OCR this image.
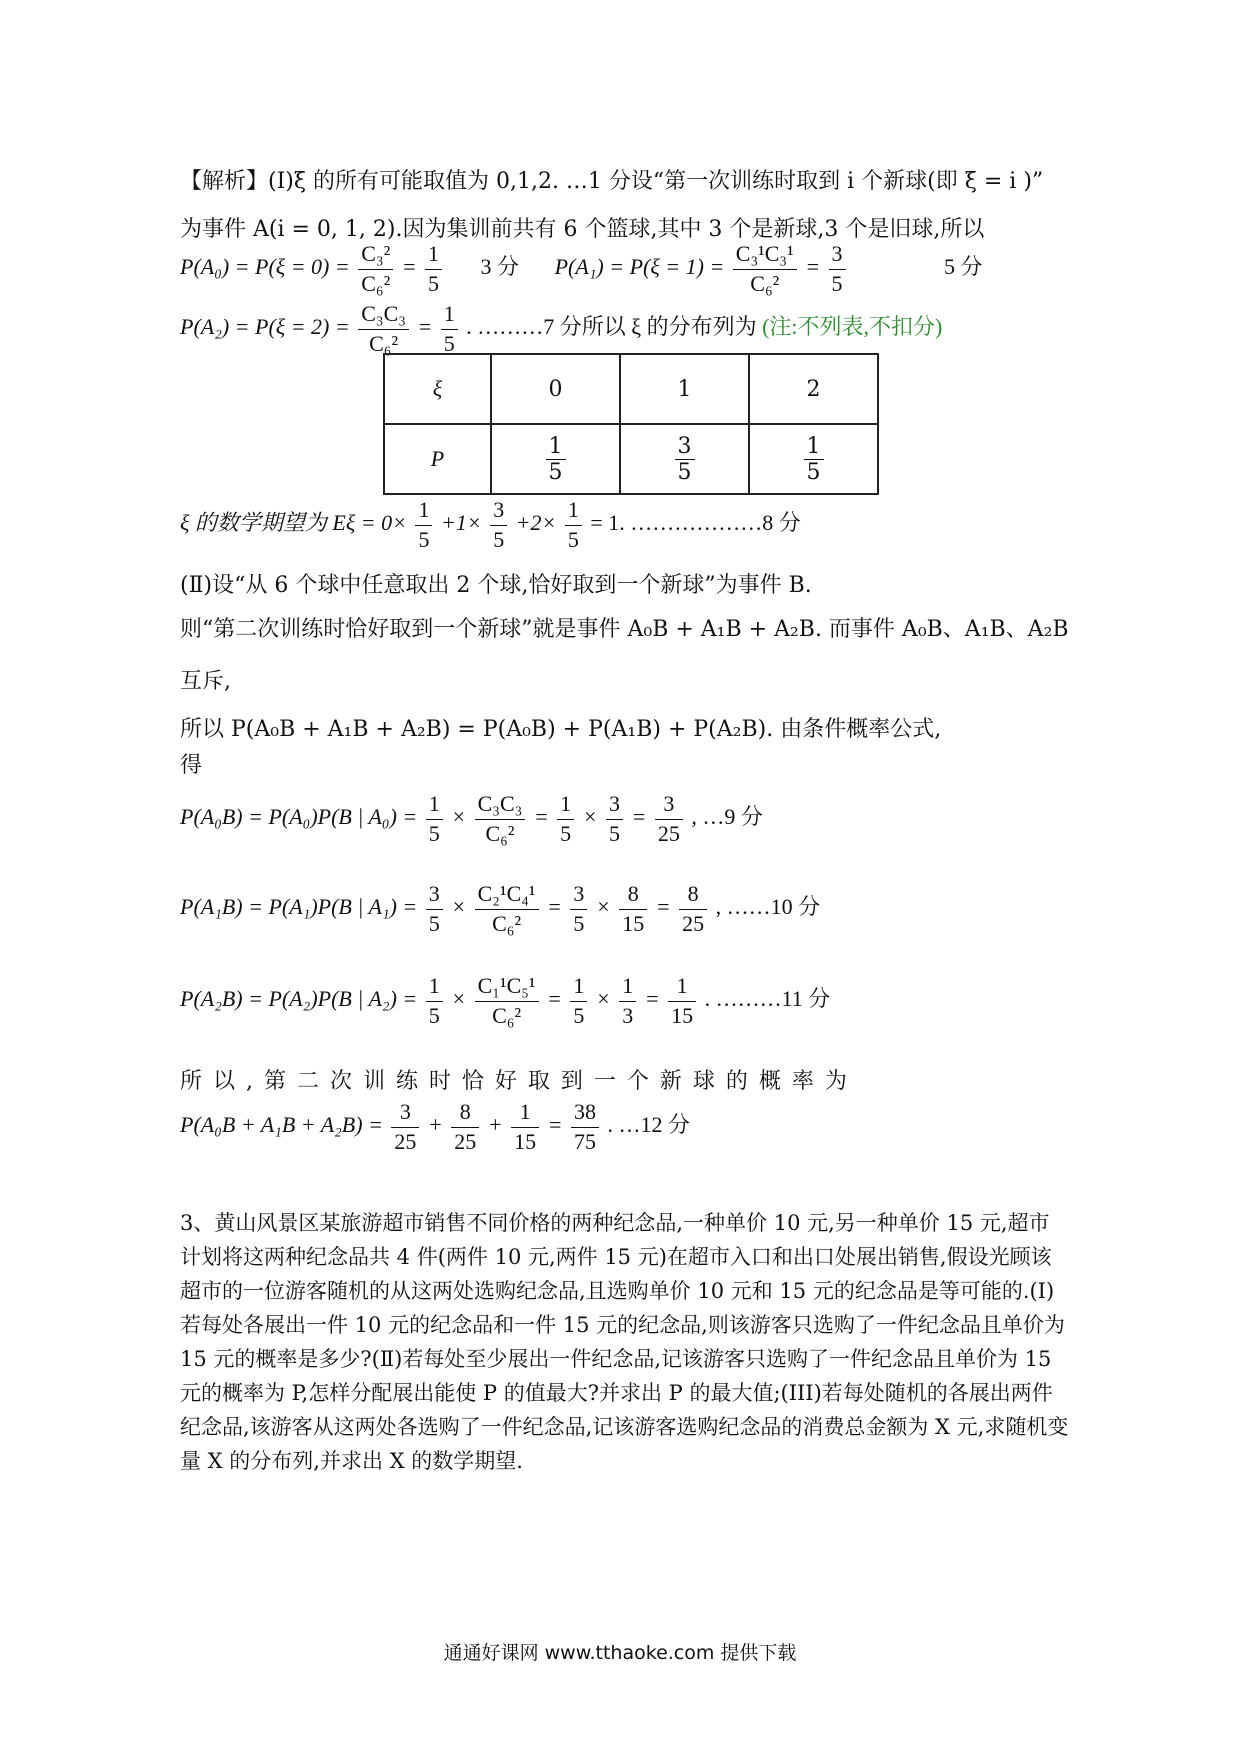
【解析】(Ⅰ)ξ 的所有可能取值为 0,1,2. …1 分设“第一次训练时取到 i 个新球(即 ξ = i )”
为事件 A(i = 0, 1, 2).因为集训前共有 6 个篮球,其中 3 个是新球,3 个是旧球,所以
$P(A_0) = P(\xi = 0) = \frac{\text{C₃²}}{\text{C₆²}} = \frac{1}{5} 3$ 分 $P(A_1) = P(\xi = 1) = \frac{\text{C₃¹C₃¹}}{\text{C₆²}} = \frac{3}{5}$	5 分
$P(A_2) = P(\xi = 2) = \frac{\text{C₃C₃}}{\text{C₆²}} = \frac{1}{5}$ . ………7 分所以 ξ 的分布列为 (注:不列表,不扣分)
ξ	0	1	2
P	$\frac{1}{5}$	$\frac{3}{5}$	$\frac{1}{5}$
ξ 的数学期望为 $E\xi = 0\times \frac{1}{5} +1\times \frac{3}{5} +2\times \frac{1}{5} = 1$. ………………8 分
(Ⅱ)设“从 6 个球中任意取出 2 个球,恰好取到一个新球”为事件 B.
则“第二次训练时恰好取到一个新球”就是事件 A₀B + A₁B + A₂B. 而事件 A₀B、A₁B、A₂B
互斥,
所以 P(A₀B + A₁B + A₂B) = P(A₀B) + P(A₁B) + P(A₂B). 由条件概率公式,
得
P(A₀B) = P(A₀)P(B | $A_0) = \frac{1}{5} \times \frac{\text{C₃C₃}}{\text{C₆²}} = \frac{1}{5} \times \frac{3}{5} = \frac{3}{25}$ , …9 分
P(A₁B) = P(A₁)P(B | $A_1) = \frac{3}{5} \times \frac{\text{C₂¹C₄¹}}{\text{C₆²}} = \frac{3}{5} \times \frac{8}{15} = \frac{8}{25}$ , ……10 分
P(A₂B) = P(A₂)P(B | $A_2) = \frac{1}{5} \times \frac{\text{C₁¹C₅¹}}{\text{C₆²}} = \frac{1}{5} \times \frac{1}{3} = \frac{1}{15}$ . ………11 分
所 以 , 第 二 次 训 练 时 恰 好 取 到 一 个 新 球 的 概 率 为
$P(A_0B + A_1B + A_2B) = \frac{3}{25} + \frac{8}{25} + \frac{1}{15} = \frac{38}{75}$ . …12 分
3、黄山风景区某旅游超市销售不同价格的两种纪念品,一种单价 10 元,另一种单价 15 元,超市计划将这两种纪念品共 4 件(两件 10 元,两件 15 元)在超市入口和出口处展出销售,假设光顾该超市的一位游客随机的从这两处选购纪念品,且选购单价 10 元和 15 元的纪念品是等可能的.(Ⅰ)若每处各展出一件 10 元的纪念品和一件 15 元的纪念品,则该游客只选购了一件纪念品且单价为 15 元的概率是多少?(Ⅱ)若每处至少展出一件纪念品,记该游客只选购了一件纪念品且单价为 15 元的概率为 P,怎样分配展出能使 P 的值最大?并求出 P 的最大值;(III)若每处随机的各展出两件纪念品,该游客从这两处各选购了一件纪念品,记该游客选购纪念品的消费总金额为 X 元,求随机变量 X 的分布列,并求出 X 的数学期望.
通通好课网 www.tthaoke.com 提供下载
